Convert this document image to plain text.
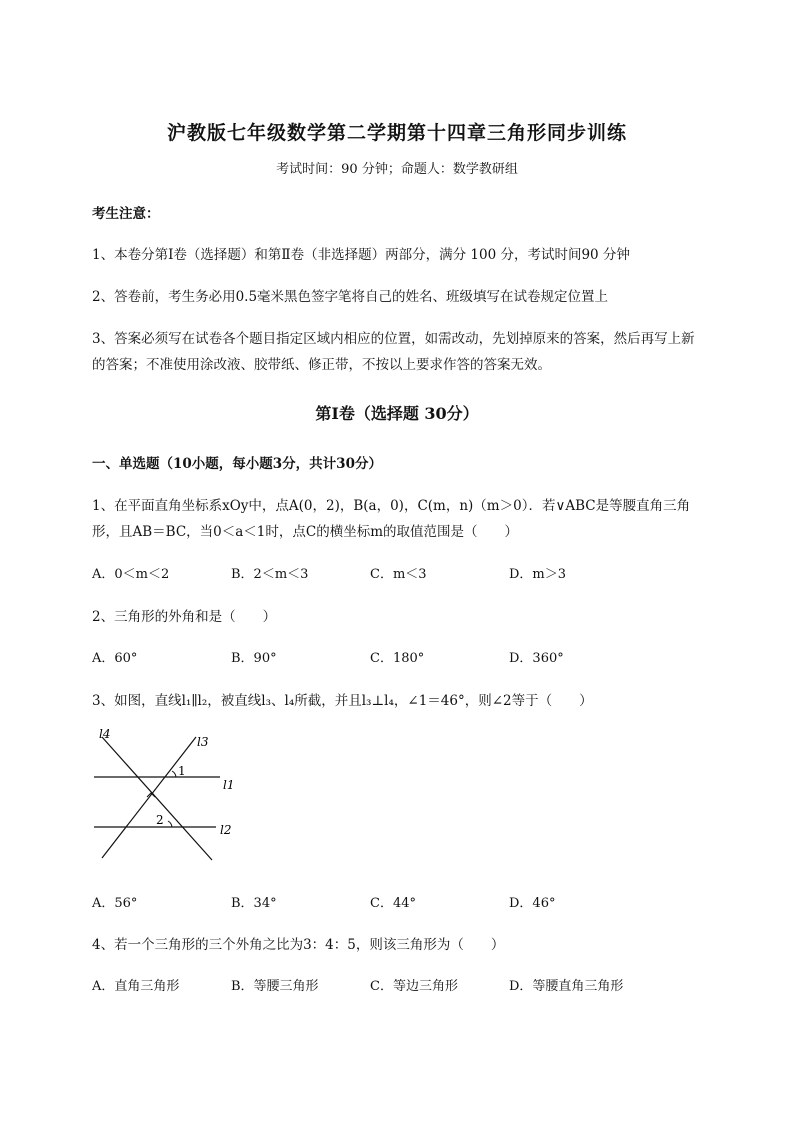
沪教版七年级数学第二学期第十四章三角形同步训练
考试时间：90 分钟；命题人：数学教研组
考生注意：
1、本卷分第Ⅰ卷（选择题）和第Ⅱ卷（非选择题）两部分，满分 100 分，考试时间90 分钟
2、答卷前，考生务必用0.5毫米黑色签字笔将自己的姓名、班级填写在试卷规定位置上
3、答案必须写在试卷各个题目指定区域内相应的位置，如需改动，先划掉原来的答案，然后再写上新
的答案；不准使用涂改液、胶带纸、修正带，不按以上要求作答的答案无效。
第Ⅰ卷（选择题 30分）
一、单选题（10小题，每小题3分，共计30分）
1、在平面直角坐标系xOy中，点A(0，2)，B(a，0)，C(m，n)（m＞0）．若∨ABC是等腰直角三角
形，且AB＝BC，当0＜a＜1时，点C的横坐标m的取值范围是（　　）
A．0＜m＜2	B．2＜m＜3	C．m＜3	D．m＞3
2、三角形的外角和是（　　）
A．60°	B．90°	C．180°	D．360°
3、如图，直线l₁∥l₂，被直线l₃、l₄所截，并且l₃⊥l₄，∠1＝46°，则∠2等于（　　）
l4
l3
1
l1
2
l2
A．56°	B．34°	C．44°	D．46°
4、若一个三角形的三个外角之比为3：4：5，则该三角形为（　　）
A．直角三角形	B．等腰三角形	C．等边三角形	D．等腰直角三角形
